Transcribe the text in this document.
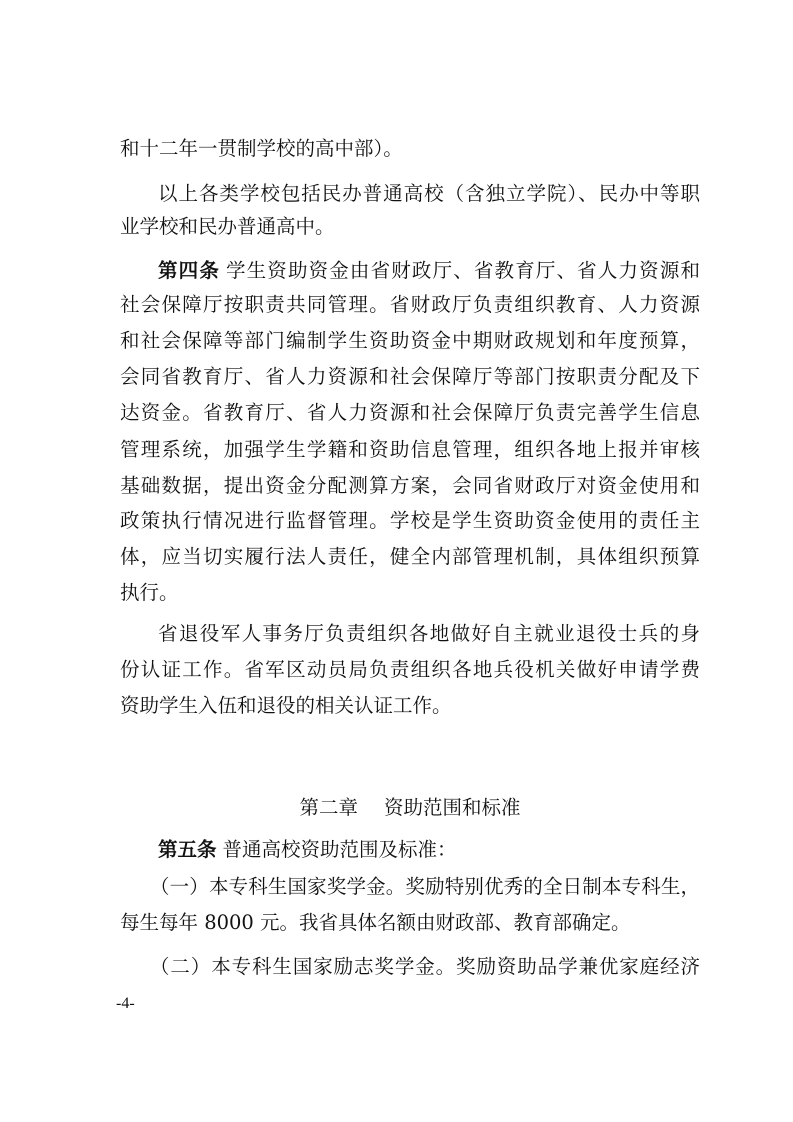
和十二年一贯制学校的高中部）。
以上各类学校包括民办普通高校（含独立学院）、民办中等职
业学校和民办普通高中。
第四条 学生资助资金由省财政厅、省教育厅、省人力资源和
社会保障厅按职责共同管理。省财政厅负责组织教育、人力资源
和社会保障等部门编制学生资助资金中期财政规划和年度预算，
会同省教育厅、省人力资源和社会保障厅等部门按职责分配及下
达资金。省教育厅、省人力资源和社会保障厅负责完善学生信息
管理系统，加强学生学籍和资助信息管理，组织各地上报并审核
基础数据，提出资金分配测算方案，会同省财政厅对资金使用和
政策执行情况进行监督管理。学校是学生资助资金使用的责任主
体，应当切实履行法人责任，健全内部管理机制，具体组织预算
执行。
省退役军人事务厅负责组织各地做好自主就业退役士兵的身
份认证工作。省军区动员局负责组织各地兵役机关做好申请学费
资助学生入伍和退役的相关认证工作。
第二章 资助范围和标准
第五条 普通高校资助范围及标准：
（一）本专科生国家奖学金。奖励特别优秀的全日制本专科生，
每生每年 8000 元。我省具体名额由财政部、教育部确定。
（二）本专科生国家励志奖学金。奖励资助品学兼优家庭经济
-4-
